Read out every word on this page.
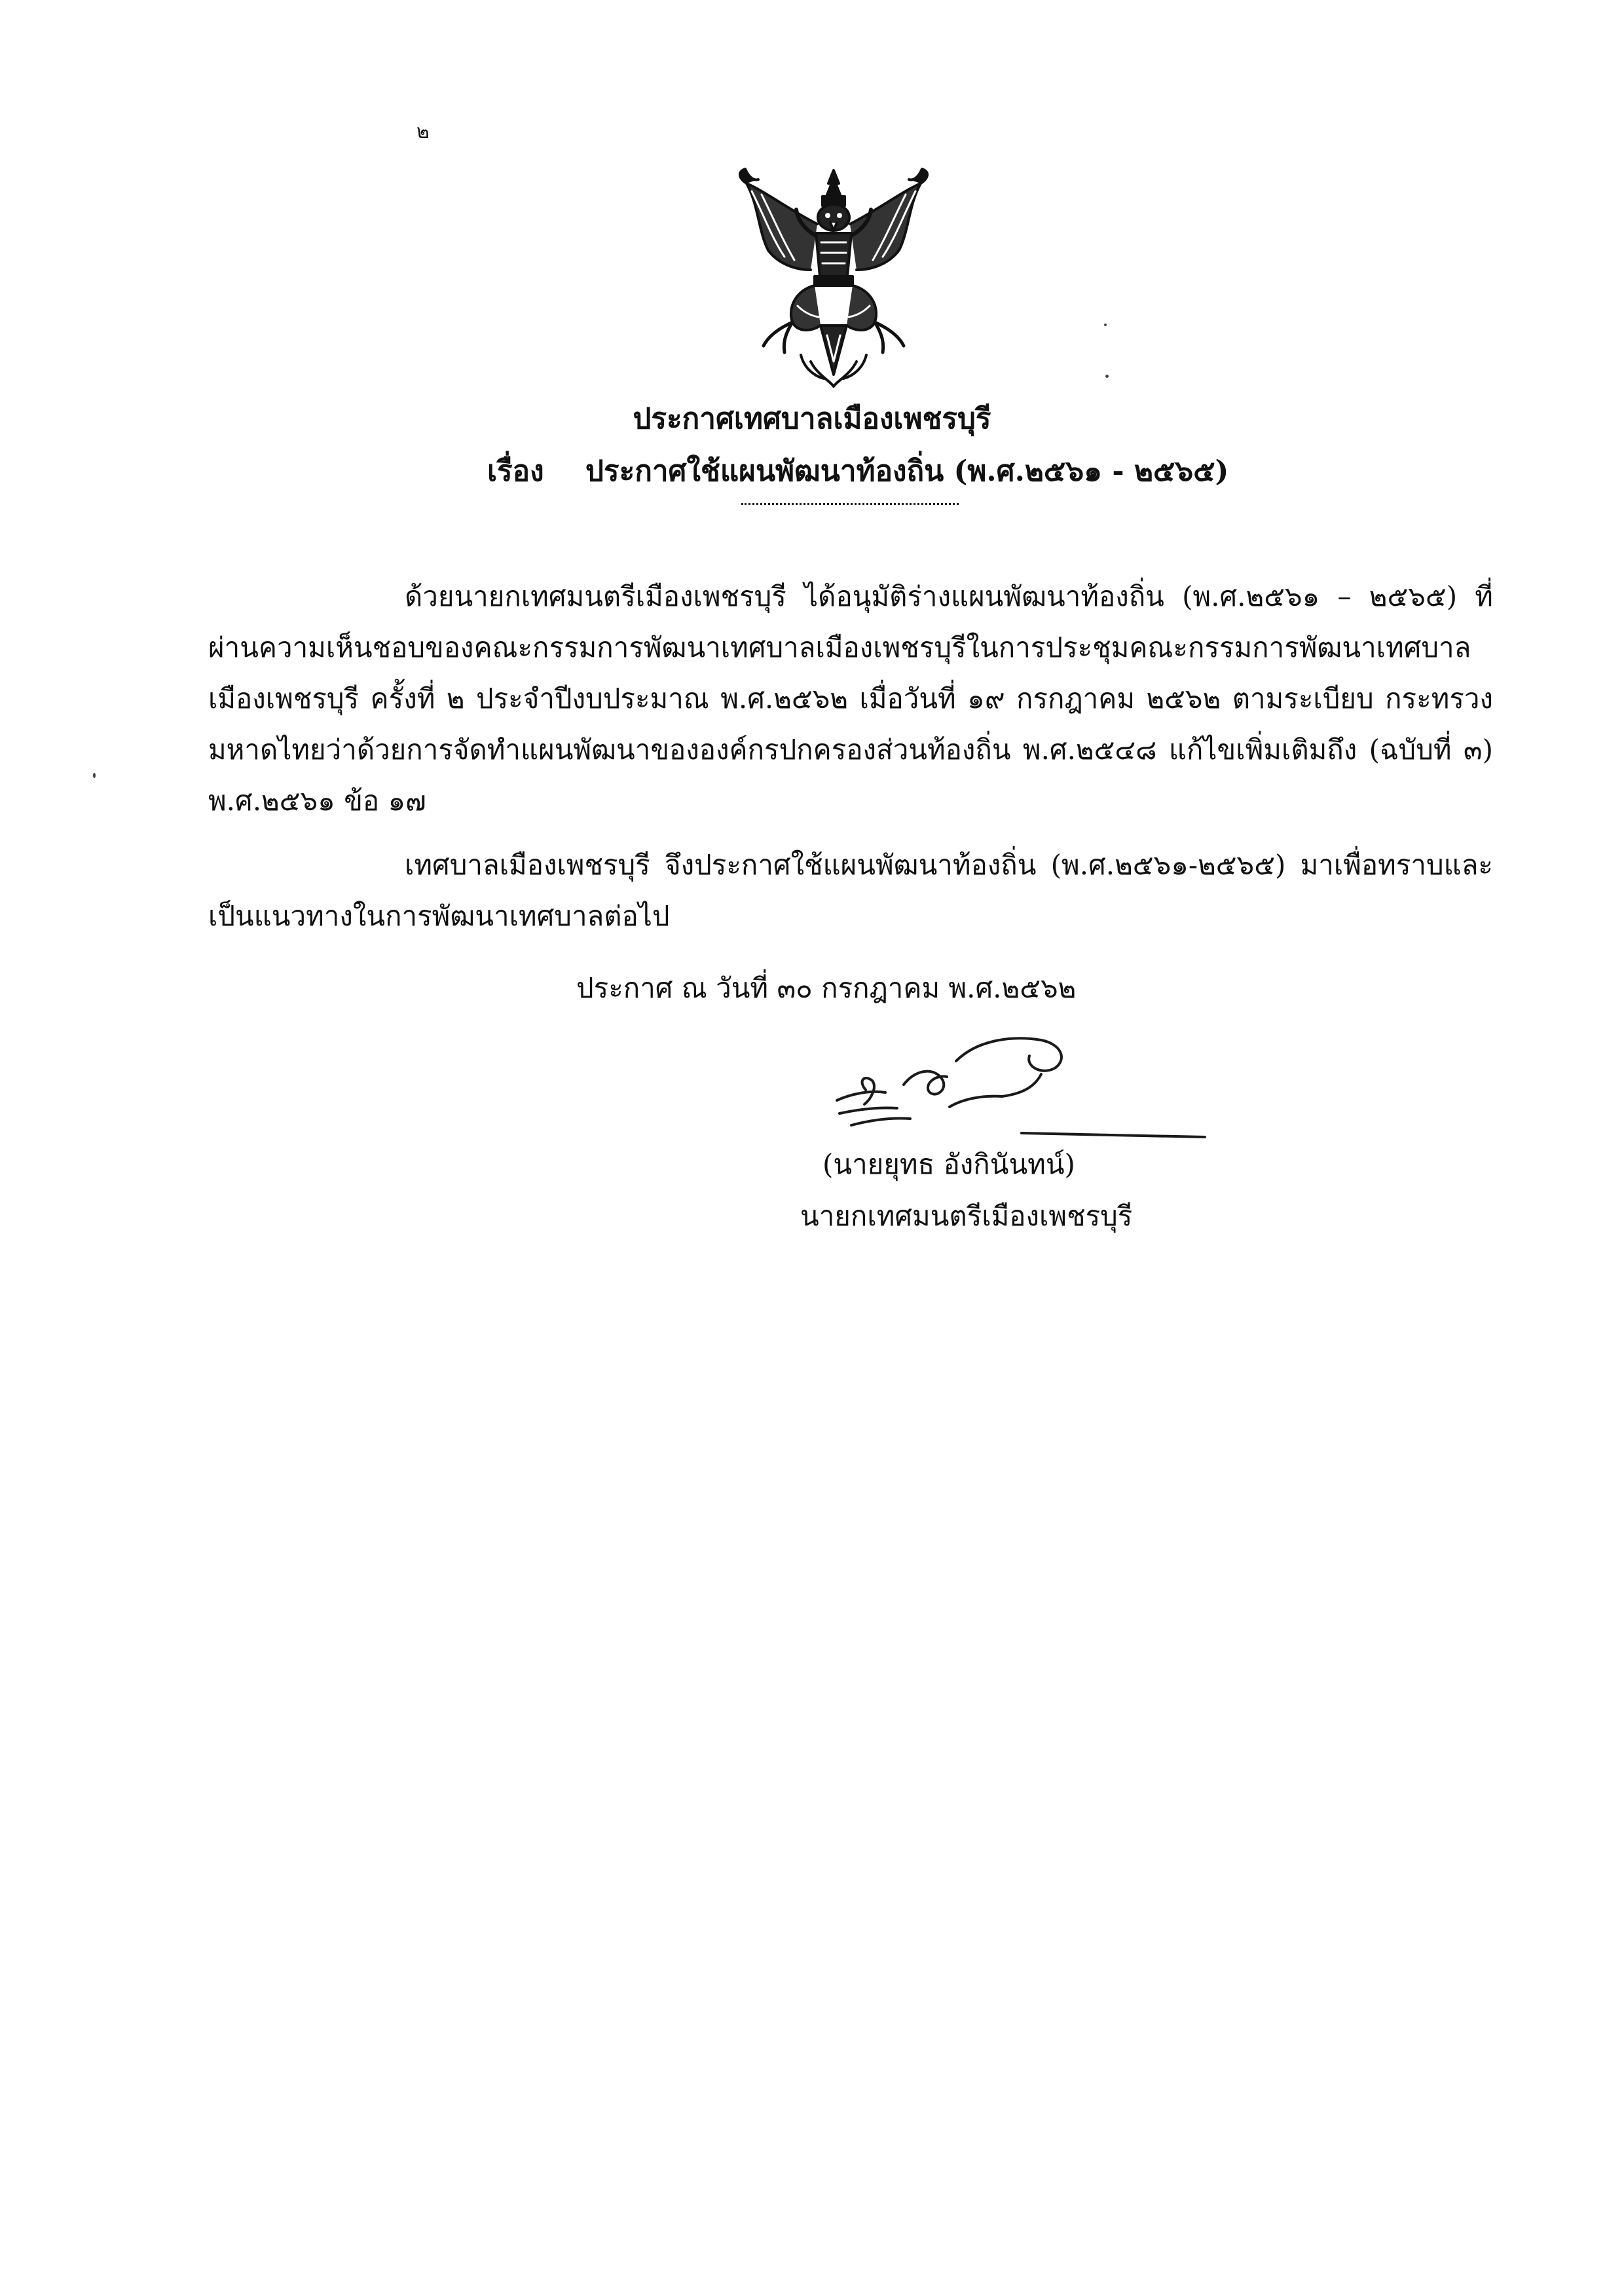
๒
ประกาศเทศบาลเมืองเพชรบุรี
เรื่อง ประกาศใช้แผนพัฒนาท้องถิ่น (พ.ศ.๒๕๖๑ - ๒๕๖๕)
ด้วยนายกเทศมนตรีเมืองเพชรบุรี ได้อนุมัติร่างแผนพัฒนาท้องถิ่น (พ.ศ.๒๕๖๑ – ๒๕๖๕) ที่ผ่านความเห็นชอบของคณะกรรมการพัฒนาเทศบาลเมืองเพชรบุรีในการประชุมคณะกรรมการพัฒนาเทศบาล เมืองเพชรบุรี ครั้งที่ ๒ ประจำปีงบประมาณ พ.ศ.๒๕๖๒ เมื่อวันที่ ๑๙ กรกฎาคม ๒๕๖๒ ตามระเบียบ กระทรวงมหาดไทยว่าด้วยการจัดทำแผนพัฒนาขององค์กรปกครองส่วนท้องถิ่น พ.ศ.๒๕๔๘ แก้ไขเพิ่มเติมถึง (ฉบับที่ ๓) พ.ศ.๒๕๖๑ ข้อ ๑๗
เทศบาลเมืองเพชรบุรี จึงประกาศใช้แผนพัฒนาท้องถิ่น (พ.ศ.๒๕๖๑-๒๕๖๕) มาเพื่อทราบและ เป็นแนวทางในการพัฒนาเทศบาลต่อไป
ประกาศ ณ วันที่ ๓๐ กรกฎาคม พ.ศ.๒๕๖๒
(นายยุทธ อังกินันทน์)
นายกเทศมนตรีเมืองเพชรบุรี
